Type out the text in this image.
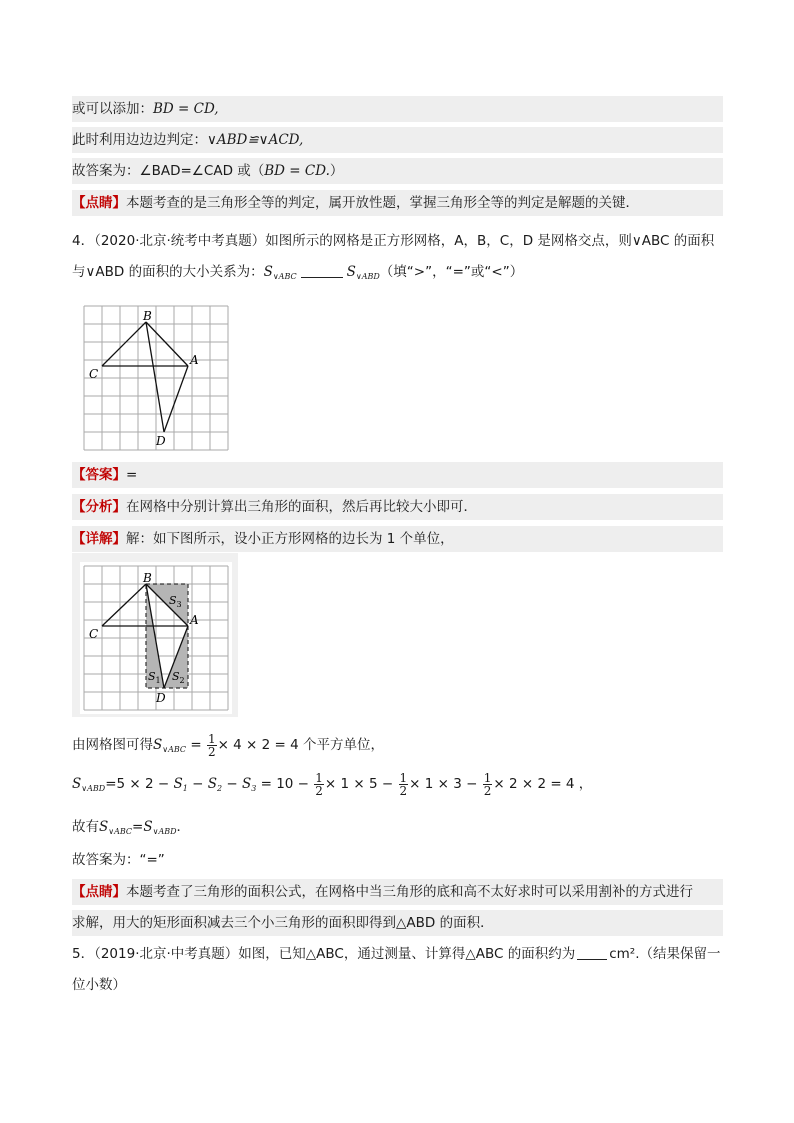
或可以添加：BD = CD,
此时利用边边边判定：∨ABD≌∨ACD,
故答案为：∠BAD=∠CAD 或（BD = CD.）
【点睛】本题考查的是三角形全等的判定，属开放性题，掌握三角形全等的判定是解题的关键．
4．（2020·北京·统考中考真题）如图所示的网格是正方形网格，A，B，C，D 是网格交点，则∨ABC 的面积
与∨ABD 的面积的大小关系为：$S_{\vee ABC}$	$S_{\vee ABD}$（填“>”，“=”或“<”）
B
A
C
D
【答案】=
【分析】在网格中分别计算出三角形的面积，然后再比较大小即可．
【详解】解：如下图所示，设小正方形网格的边长为 1 个单位，
B
A
C
D
$S_3$
$S_1$ $S_2$
由网格图可得$S_{\vee ABC} = \frac{1}{2} \times 4 \times 2 = 4$ 个平方单位，
$S_{\vee ABD}=5 \times 2 - S_1 - S_2 - S_3 = 10 - \frac{1}{2} \times 1 \times 5 - \frac{1}{2} \times 1 \times 3 - \frac{1}{2} \times 2 \times 2 = 4$ ，
故有$S_{\vee ABC}=S_{\vee ABD}$．
故答案为：“=”
【点睛】本题考查了三角形的面积公式，在网格中当三角形的底和高不太好求时可以采用割补的方式进行
求解，用大的矩形面积减去三个小三角形的面积即得到△ABD 的面积．
5．（2019·北京·中考真题）如图，已知△ABC，通过测量、计算得△ABC 的面积约为	cm².（结果保留一
位小数）
